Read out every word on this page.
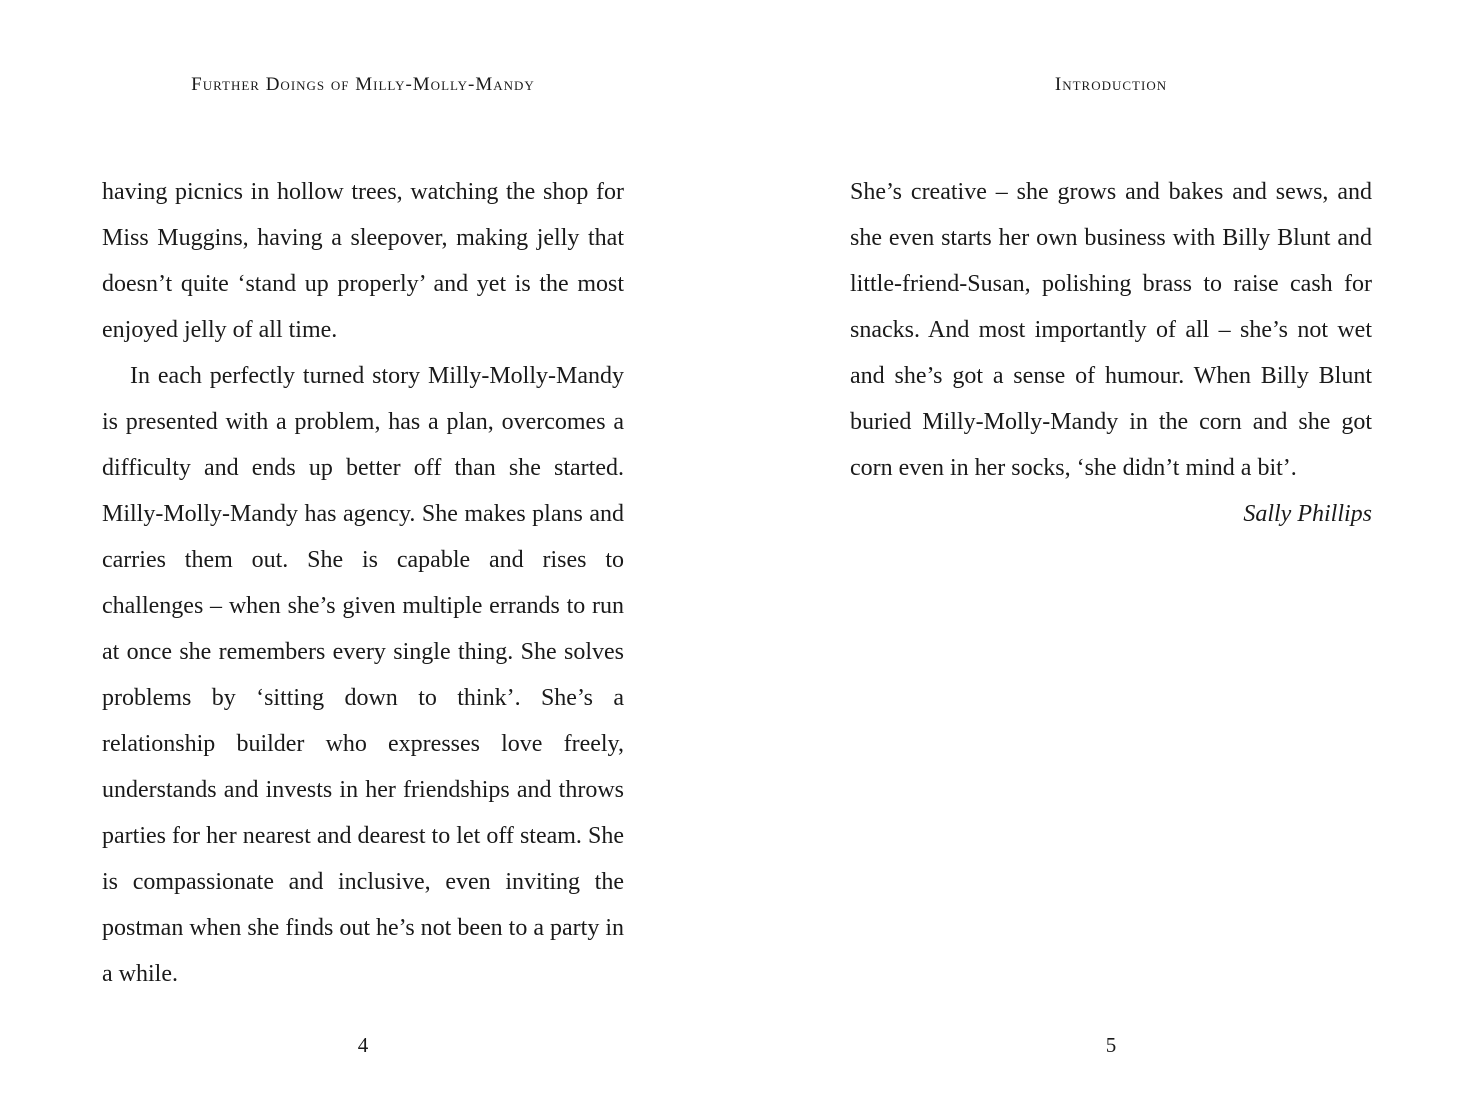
Further Doings of Milly-Molly-Mandy

having picnics in hollow trees, watching the shop for Miss Muggins, having a sleepover, making jelly that doesn’t quite ‘stand up properly’ and yet is the most enjoyed jelly of all time.

In each perfectly turned story Milly-Molly-Mandy is presented with a problem, has a plan, overcomes a difficulty and ends up better off than she started. Milly-Molly-Mandy has agency. She makes plans and carries them out. She is capable and rises to challenges – when she’s given multiple errands to run at once she remembers every single thing. She solves problems by ‘sitting down to think’. She’s a relationship builder who expresses love freely, understands and invests in her friendships and throws parties for her nearest and dearest to let off steam. She is compassionate and inclusive, even inviting the postman when she finds out he’s not been to a party in a while.

4
Introduction

She’s creative – she grows and bakes and sews, and she even starts her own business with Billy Blunt and little-friend-Susan, polishing brass to raise cash for snacks. And most importantly of all – she’s not wet and she’s got a sense of humour. When Billy Blunt buried Milly-Molly-Mandy in the corn and she got corn even in her socks, ‘she didn’t mind a bit’.

Sally Phillips

5
